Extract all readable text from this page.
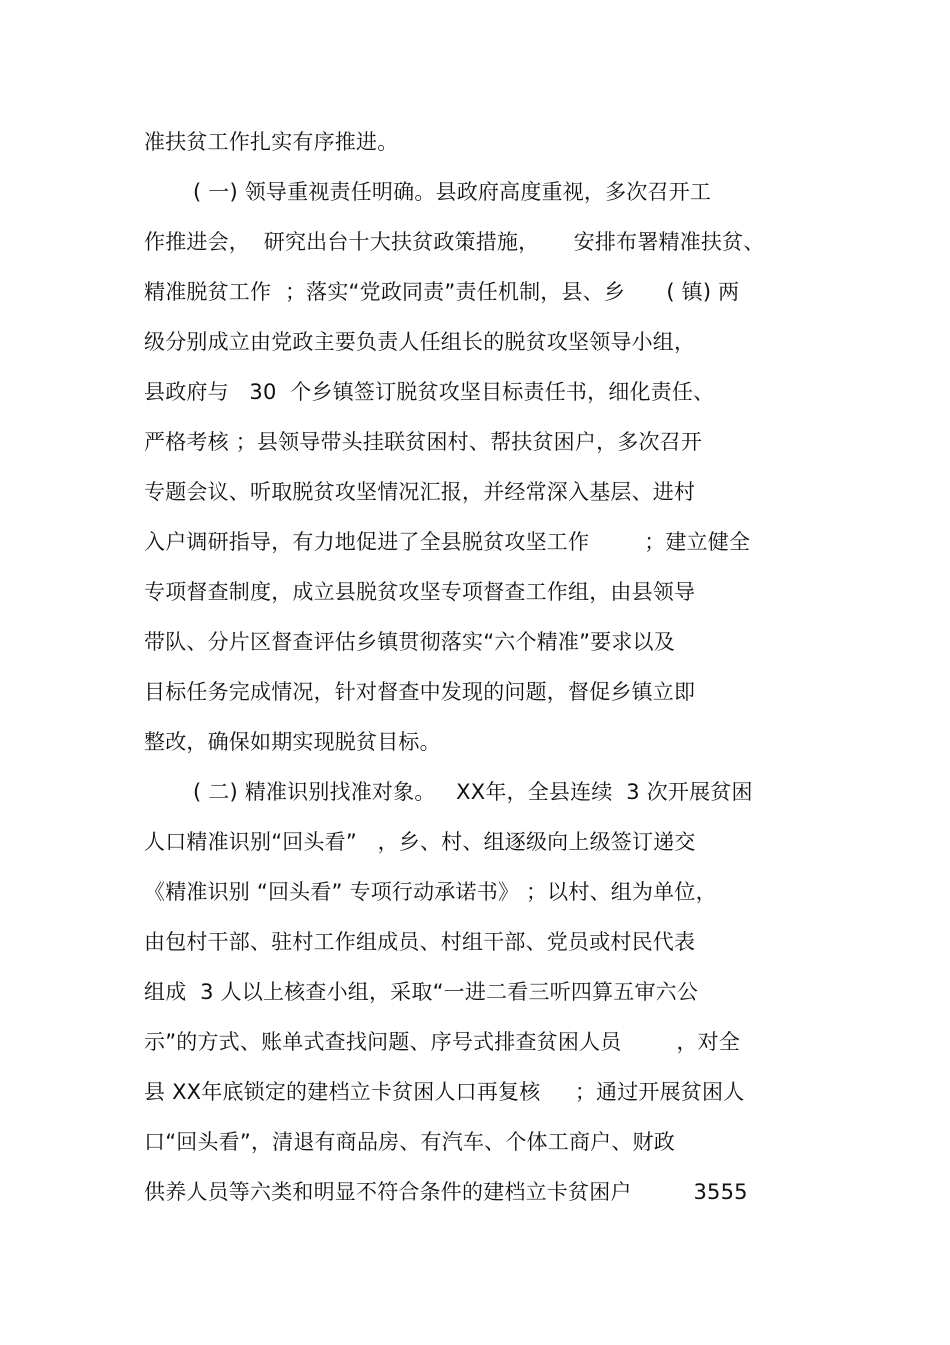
准扶贫工作扎实有序推进。
( 一) 领导重视责任明确。县政府高度重视，多次召开工
作推进会，  研究出台十大扶贫政策措施，     安排布署精准扶贫、
精准脱贫工作  ；落实“党政同责”责任机制，县、乡      ( 镇) 两
级分别成立由党政主要负责人任组长的脱贫攻坚领导小组，
县政府与   30  个乡镇签订脱贫攻坚目标责任书，细化责任、
严格考核 ；县领导带头挂联贫困村、帮扶贫困户，多次召开
专题会议、听取脱贫攻坚情况汇报，并经常深入基层、进村
入户调研指导，有力地促进了全县脱贫攻坚工作        ；建立健全
专项督查制度，成立县脱贫攻坚专项督查工作组，由县领导
带队、分片区督查评估乡镇贯彻落实“六个精准”要求以及
目标任务完成情况，针对督查中发现的问题，督促乡镇立即
整改，确保如期实现脱贫目标。
( 二) 精准识别找准对象。   XX年，全县连续  3 次开展贫困
人口精准识别“回头看”   ，乡、村、组逐级向上级签订递交
《精准识别 “回头看” 专项行动承诺书》 ；以村、组为单位，
由包村干部、驻村工作组成员、村组干部、党员或村民代表
组成  3 人以上核查小组，采取“一进二看三听四算五审六公
示”的方式、账单式查找问题、序号式排查贫困人员        ，对全
县 XX年底锁定的建档立卡贫困人口再复核     ；通过开展贫困人
口“回头看”，清退有商品房、有汽车、个体工商户、财政
供养人员等六类和明显不符合条件的建档立卡贫困户         3555
